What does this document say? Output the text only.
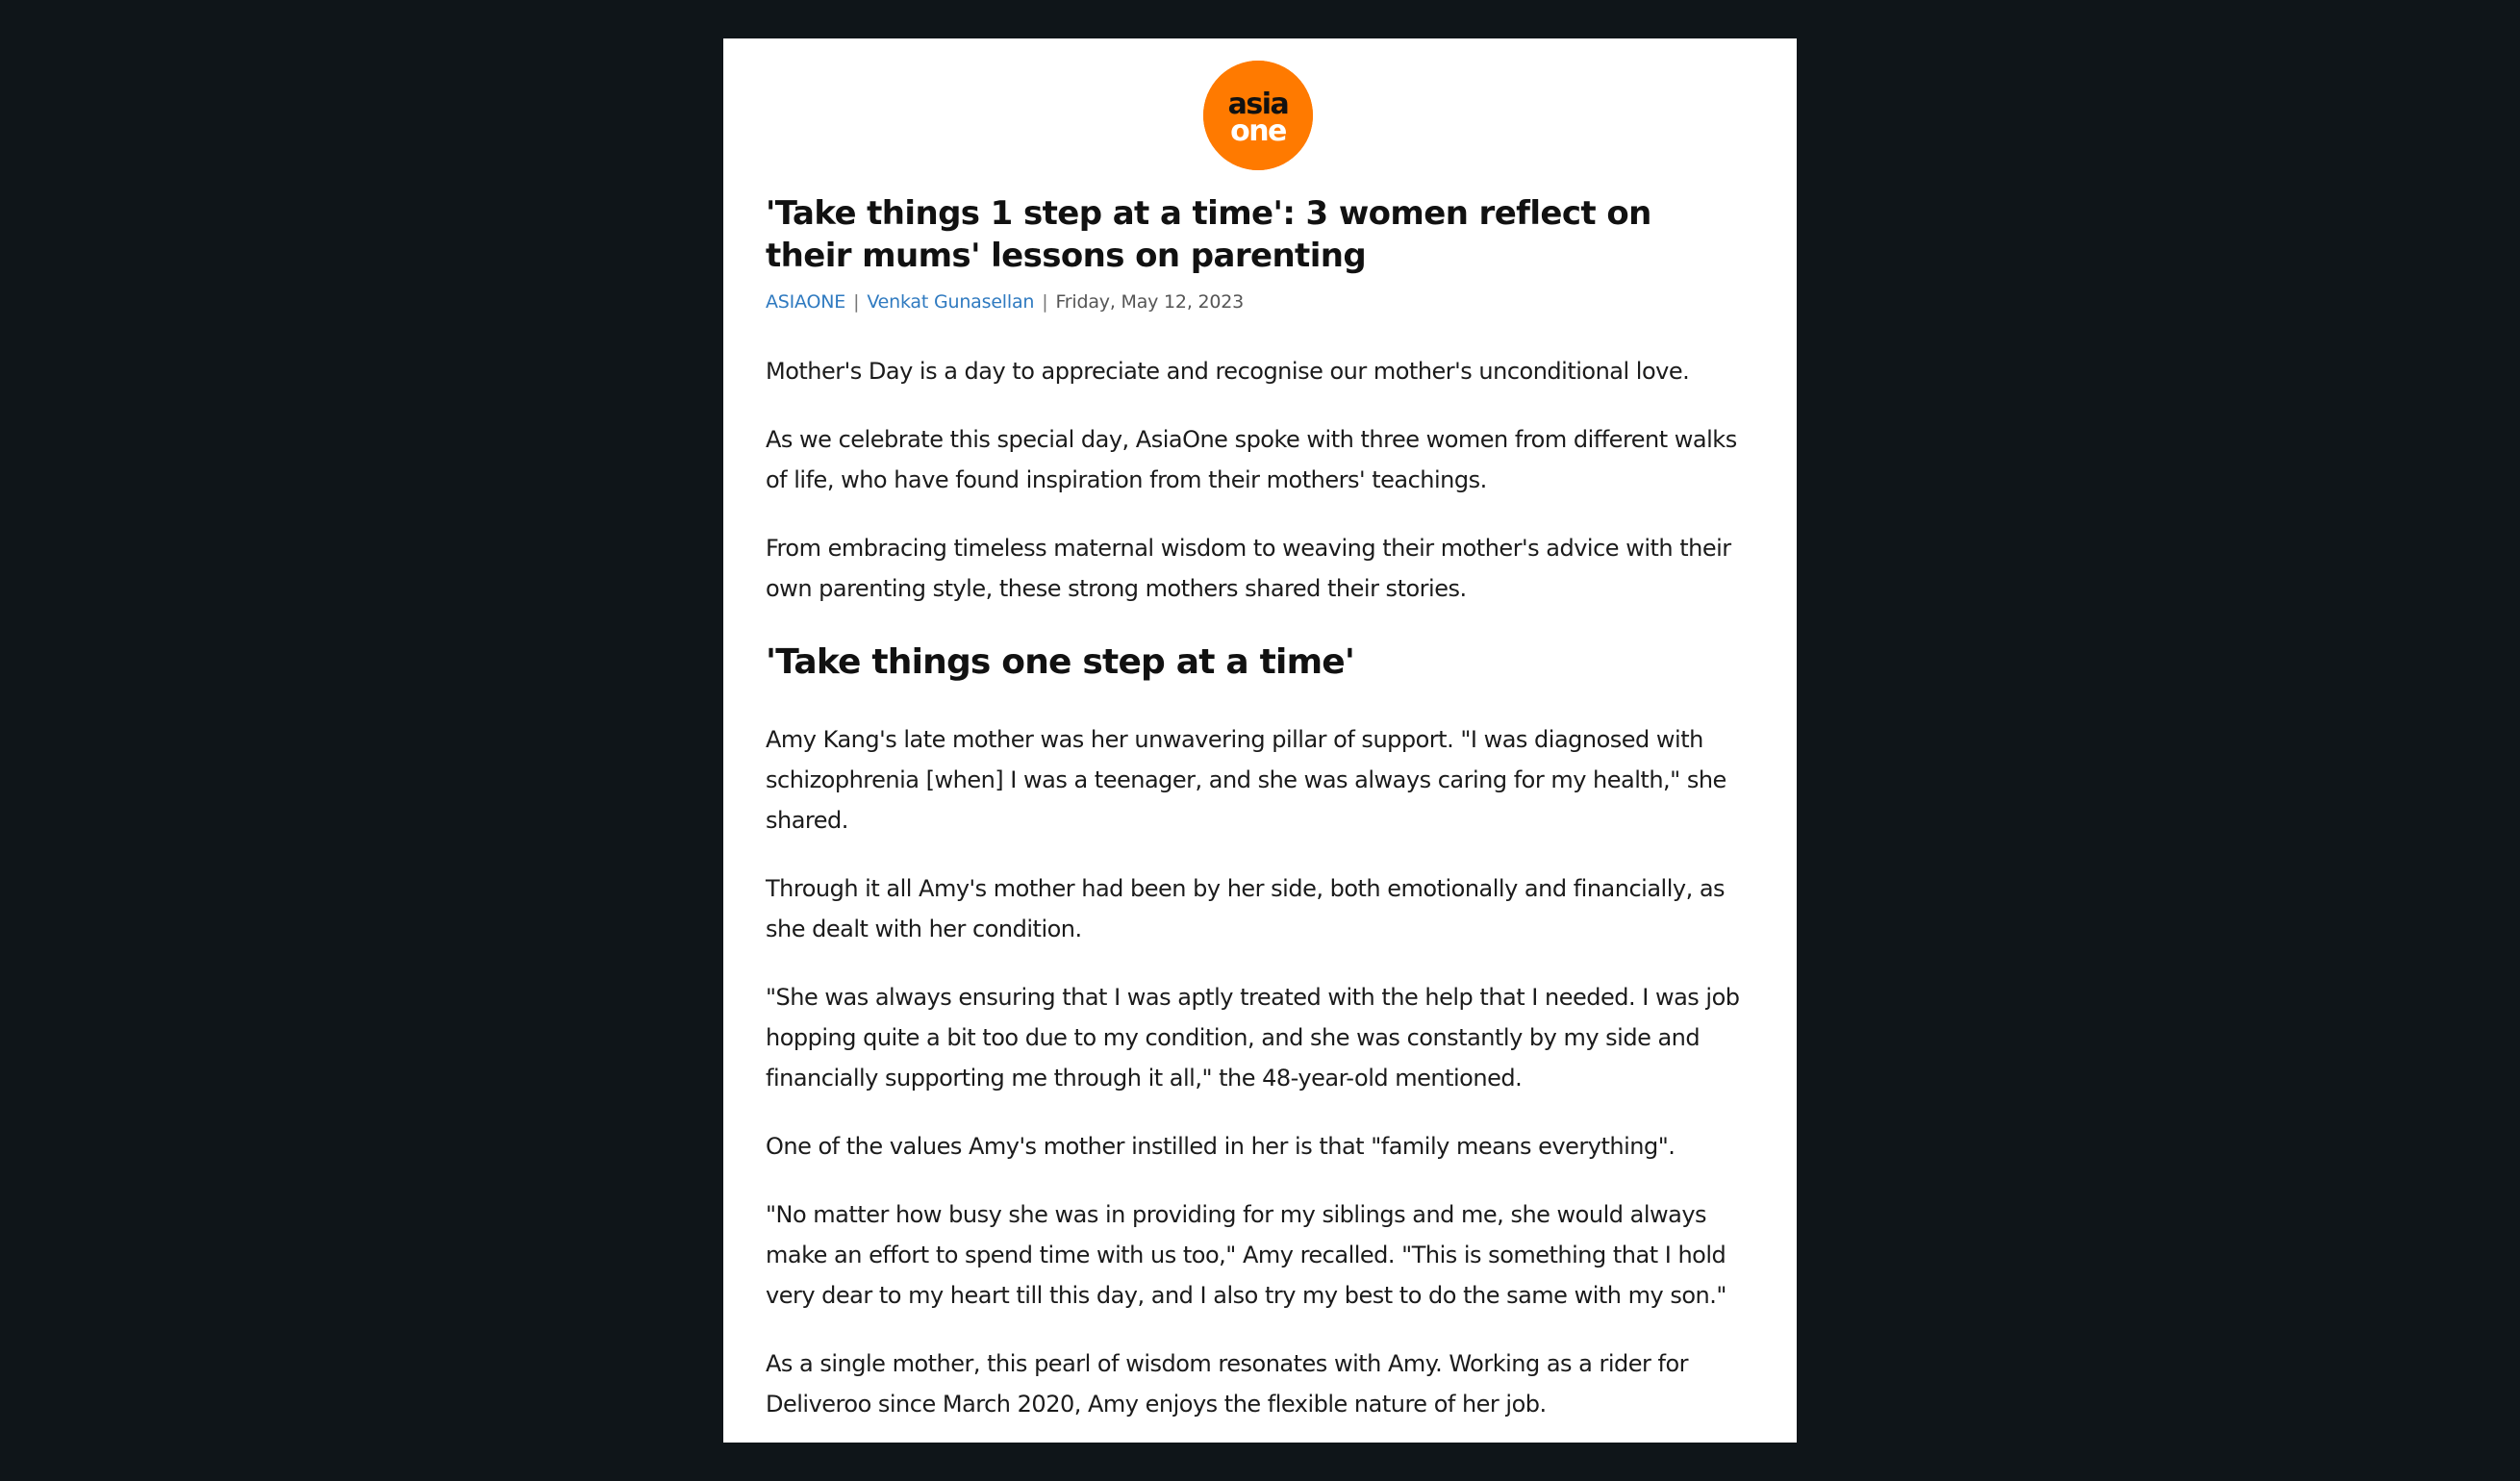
asia
one
'Take things 1 step at a time': 3 women reflect on their mums' lessons on parenting
ASIAONE | Venkat Gunasellan | Friday, May 12, 2023

Mother's Day is a day to appreciate and recognise our mother's unconditional love.

As we celebrate this special day, AsiaOne spoke with three women from different walks of life, who have found inspiration from their mothers' teachings.

From embracing timeless maternal wisdom to weaving their mother's advice with their own parenting style, these strong mothers shared their stories.

'Take things one step at a time'

Amy Kang's late mother was her unwavering pillar of support. "I was diagnosed with schizophrenia [when] I was a teenager, and she was always caring for my health," she shared.

Through it all Amy's mother had been by her side, both emotionally and financially, as she dealt with her condition.

"She was always ensuring that I was aptly treated with the help that I needed. I was job hopping quite a bit too due to my condition, and she was constantly by my side and financially supporting me through it all," the 48-year-old mentioned.

One of the values Amy's mother instilled in her is that "family means everything".

"No matter how busy she was in providing for my siblings and me, she would always make an effort to spend time with us too," Amy recalled. "This is something that I hold very dear to my heart till this day, and I also try my best to do the same with my son."

As a single mother, this pearl of wisdom resonates with Amy. Working as a rider for Deliveroo since March 2020, Amy enjoys the flexible nature of her job.
